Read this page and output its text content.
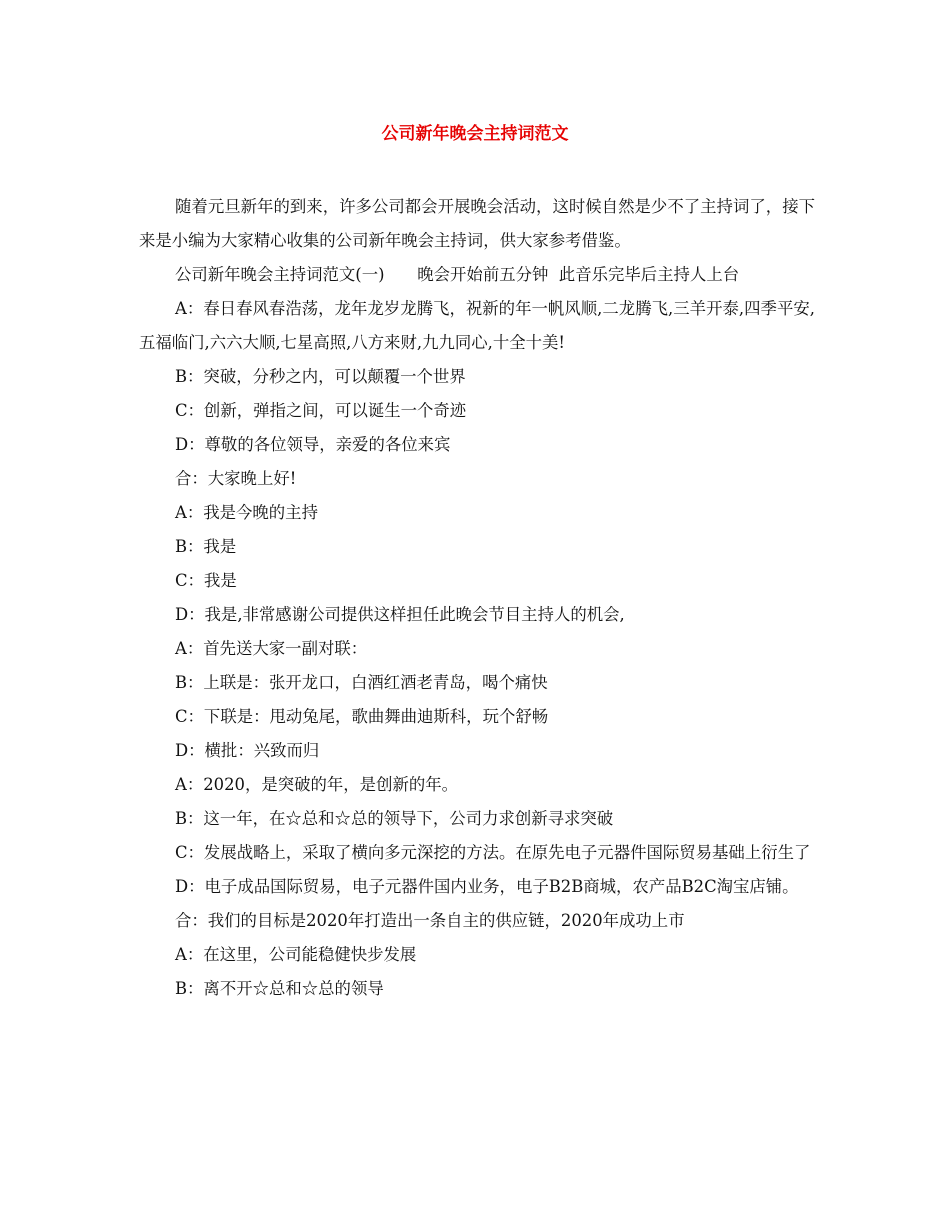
公司新年晚会主持词范文

随着元旦新年的到来，许多公司都会开展晚会活动，这时候自然是少不了主持词了，接下来是小编为大家精心收集的公司新年晚会主持词，供大家参考借鉴。

公司新年晚会主持词范文(一)　　晚会开始前五分钟  此音乐完毕后主持人上台

A：春日春风春浩荡，龙年龙岁龙腾飞，祝新的年一帆风顺,二龙腾飞,三羊开泰,四季平安,五福临门,六六大顺,七星高照,八方来财,九九同心,十全十美!

B：突破，分秒之内，可以颠覆一个世界

C：创新，弹指之间，可以诞生一个奇迹

D：尊敬的各位领导，亲爱的各位来宾

合：大家晚上好!

A：我是今晚的主持

B：我是

C：我是

D：我是,非常感谢公司提供这样担任此晚会节目主持人的机会,

A：首先送大家一副对联：

B：上联是：张开龙口，白酒红酒老青岛，喝个痛快

C：下联是：甩动兔尾，歌曲舞曲迪斯科，玩个舒畅

D：横批：兴致而归

A：2020，是突破的年，是创新的年。

B：这一年，在☆总和☆总的领导下，公司力求创新寻求突破

C：发展战略上，采取了横向多元深挖的方法。在原先电子元器件国际贸易基础上衍生了

D：电子成品国际贸易，电子元器件国内业务，电子B2B商城，农产品B2C淘宝店铺。

合：我们的目标是2020年打造出一条自主的供应链，2020年成功上市

A：在这里，公司能稳健快步发展

B：离不开☆总和☆总的领导
